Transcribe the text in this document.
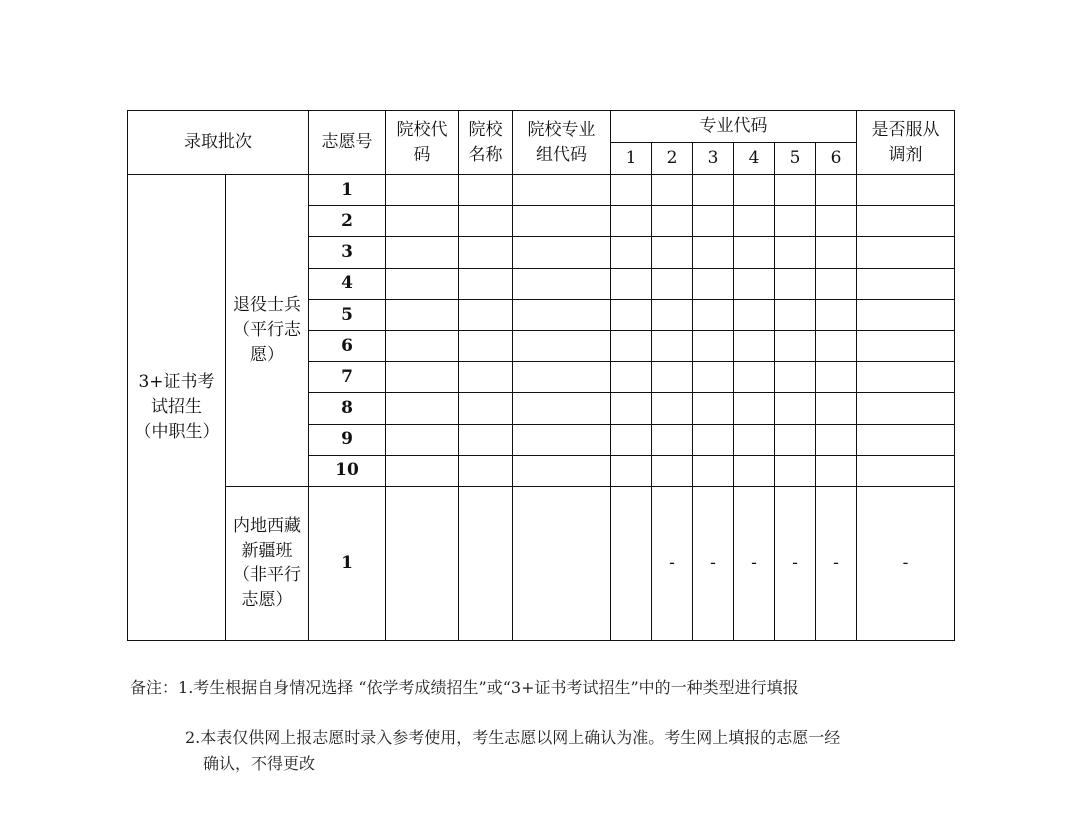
录取批次		志愿号	院校代码	院校名称	院校专业组代码	专业代码						是否服从调剂
						1	2	3	4	5	6	
3+证书考试招生（中职生）	退役士兵（平行志愿）	1										
		2										
		3										
		4										
		5										
		6										
		7										
		8										
		9										
		10										
	内地西藏新疆班（非平行志愿）	1					-	-	-	-	-	-
备注：1.考生根据自身情况选择 “依学考成绩招生”或“3+证书考试招生”中的一种类型进行填报
2.本表仅供网上报志愿时录入参考使用，考生志愿以网上确认为准。考生网上填报的志愿一经
确认，不得更改
